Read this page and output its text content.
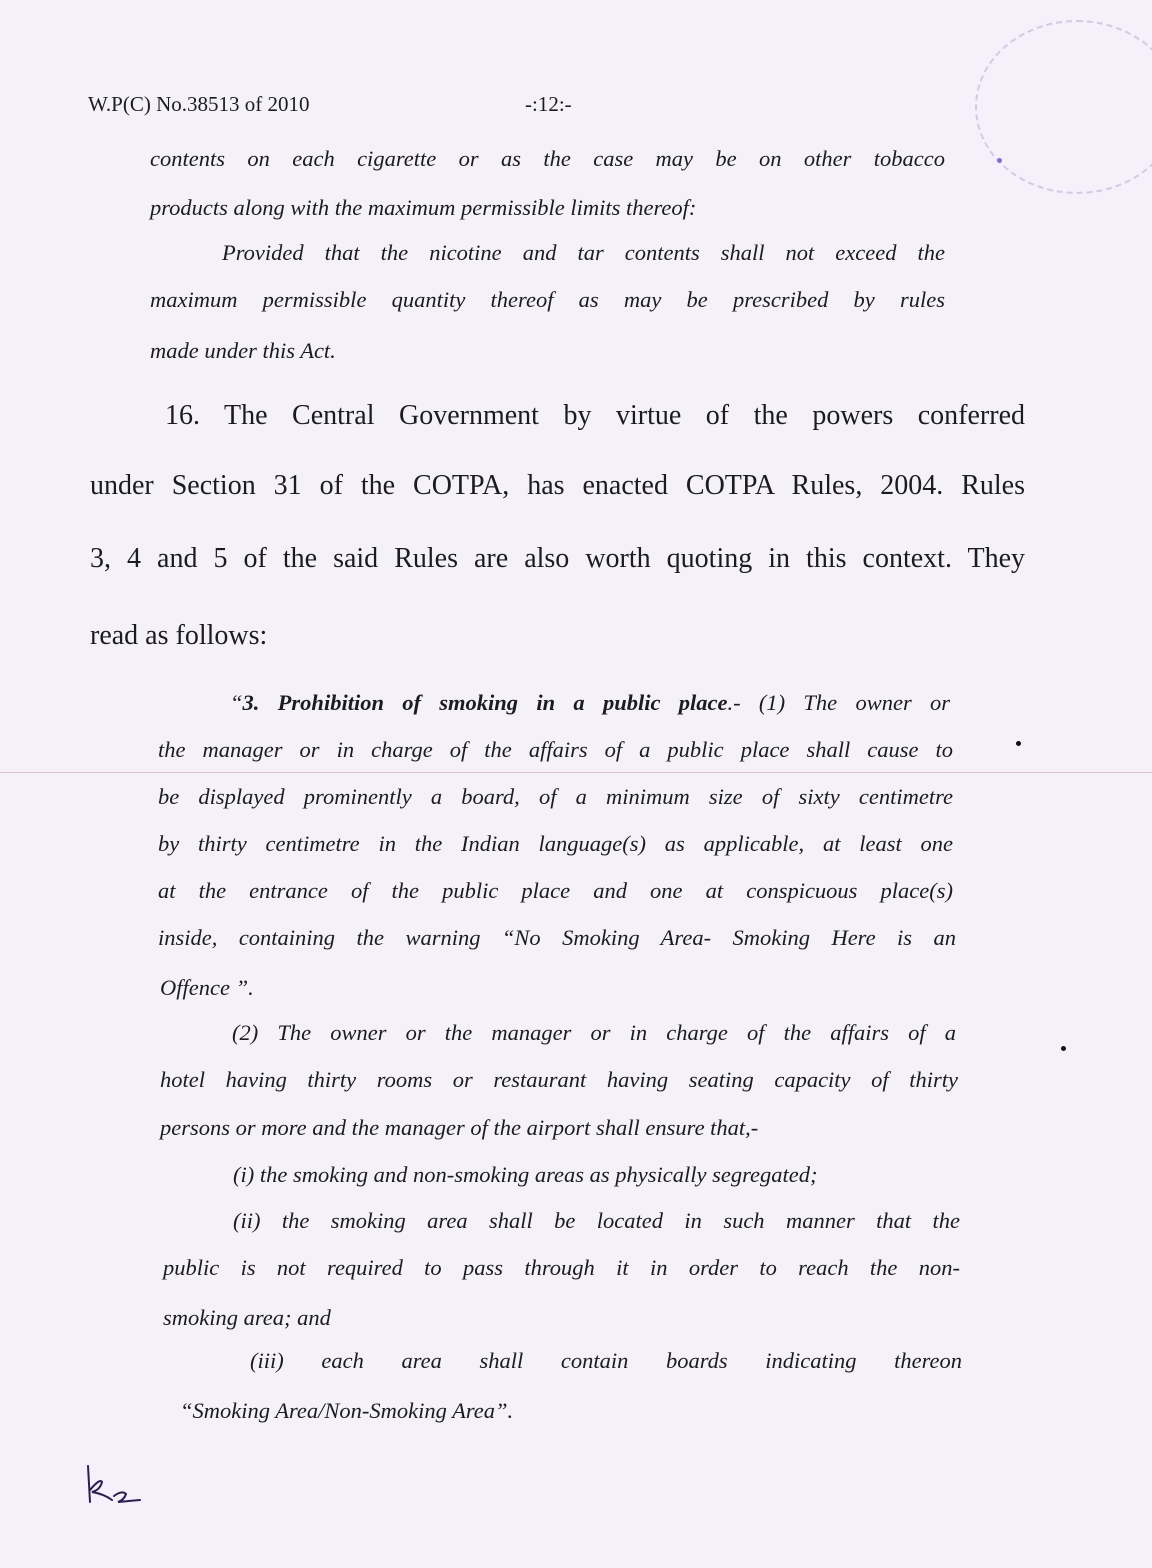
W.P(C) No.38513 of 2010	-:12:-
contents on each cigarette or as the case may be on other tobacco
products along with the maximum permissible limits thereof:
Provided that the nicotine and tar contents shall not exceed the
maximum permissible quantity thereof as may be prescribed by rules
made under this Act.
16. The Central Government by virtue of the powers conferred
under Section 31 of the COTPA, has enacted COTPA Rules, 2004. Rules
3, 4 and 5 of the said Rules are also worth quoting in this context. They
read as follows:
“3. Prohibition of smoking in a public place.- (1) The owner or
the manager or in charge of the affairs of a public place shall cause to
be displayed prominently a board, of a minimum size of sixty centimetre
by thirty centimetre in the Indian language(s) as applicable, at least one
at the entrance of the public place and one at conspicuous place(s)
inside, containing the warning “No Smoking Area- Smoking Here is an
Offence ”.
(2) The owner or the manager or in charge of the affairs of a
hotel having thirty rooms or restaurant having seating capacity of thirty
persons or more and the manager of the airport shall ensure that,-
(i) the smoking and non-smoking areas as physically segregated;
(ii) the smoking area shall be located in such manner that the
public is not required to pass through it in order to reach the non-
smoking area; and
(iii) each area shall contain boards indicating thereon
“Smoking Area/Non-Smoking Area”.
